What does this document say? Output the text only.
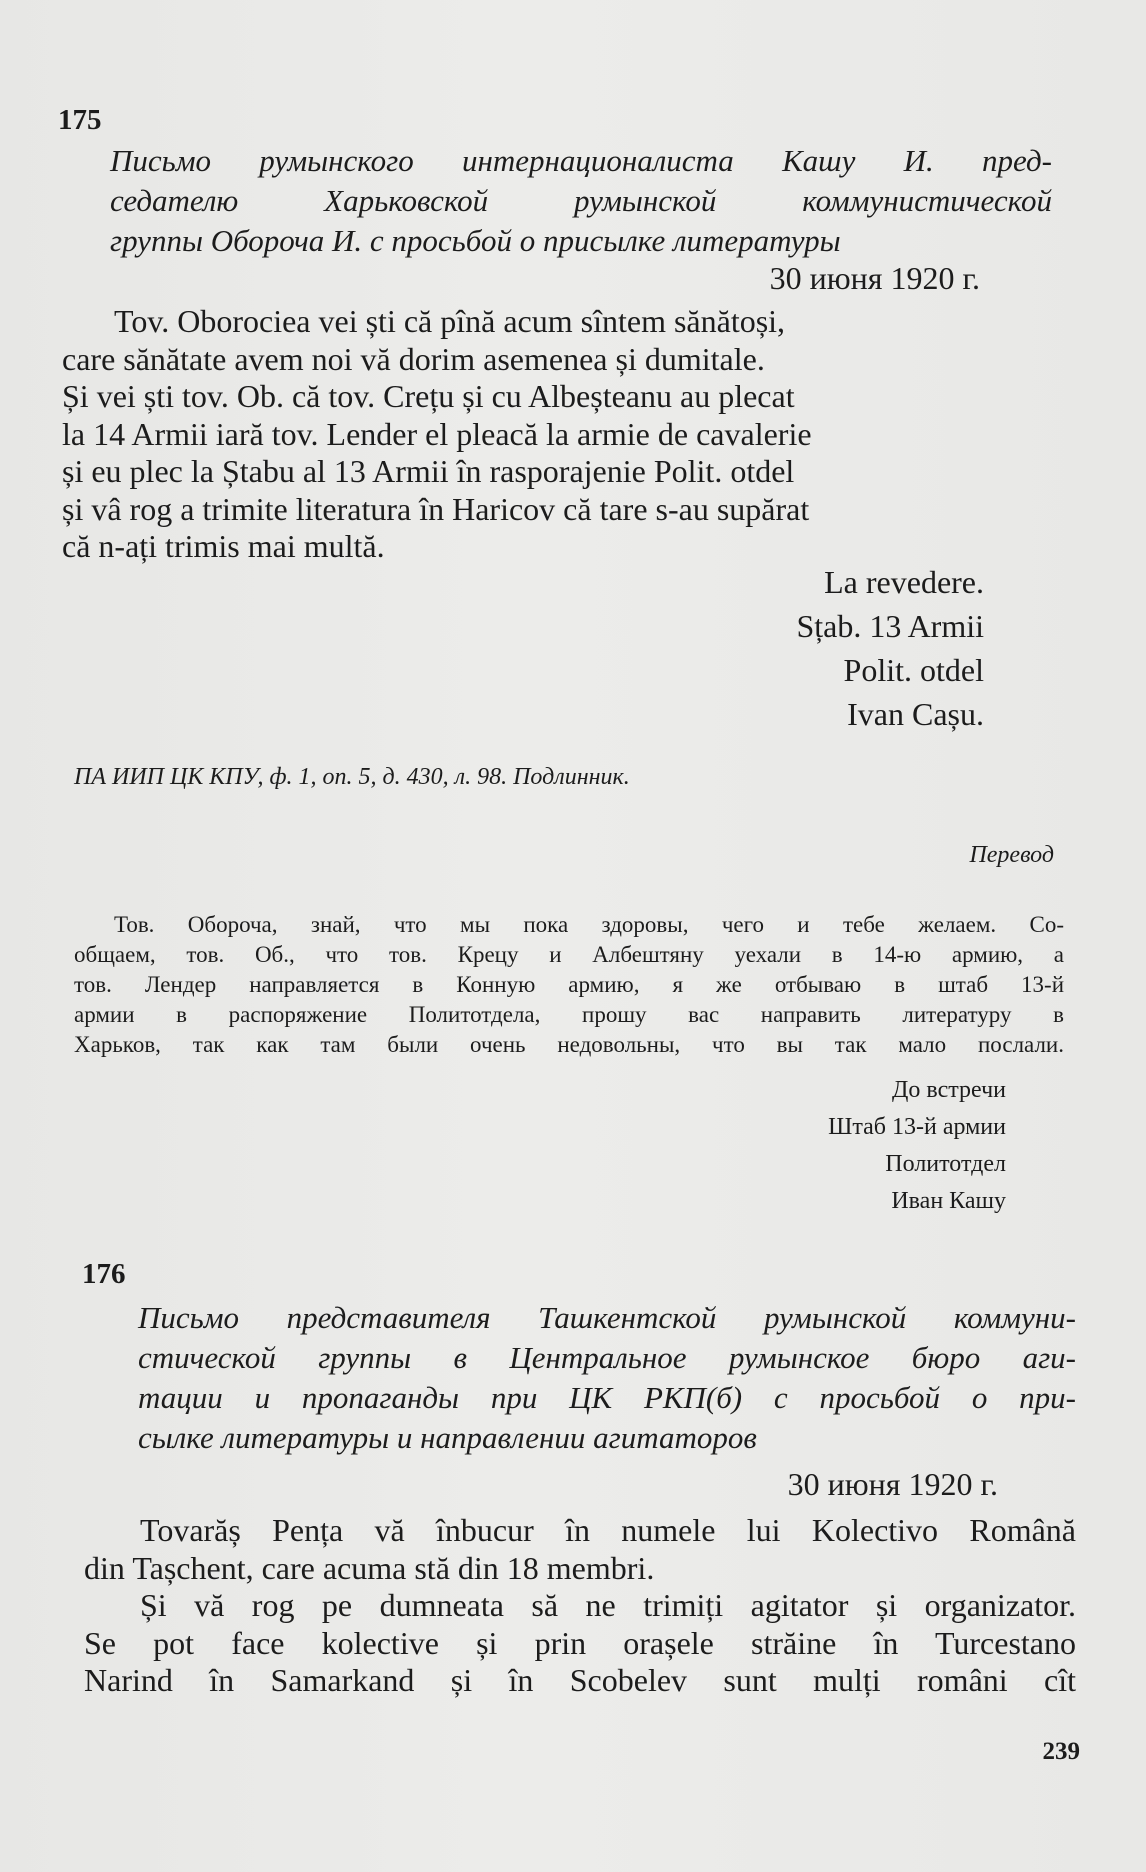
175
Письмо румынского интернационалиста Кашу И. пред-
седателю Харьковской румынской коммунистической
группы Обороча И. с просьбой о присылке литературы
30 июня 1920 г.
Tov. Oborociea vei ști că pînă acum sîntem sănătoși,
care sănătate avem noi vă dorim asemenea și dumitale.
Și vei ști tov. Ob. că tov. Crețu și cu Albeșteanu au plecat
la 14 Armii iară tov. Lender el pleacă la armie de cavalerie
și eu plec la Ștabu al 13 Armii în rasporajenie Polit. otdel
și vâ rog a trimite literatura în Haricov că tare s-au supărat
că n-ați trimis mai multă.
La revedere.
Sțab. 13 Armii
Polit. otdel
Ivan Cașu.
ПА ИИП ЦК КПУ, ф. 1, оп. 5, д. 430, л. 98. Подлинник.
Перевод
Тов. Обороча, знай, что мы пока здоровы, чего и тебе желаем. Со-
общаем, тов. Об., что тов. Крецу и Албештяну уехали в 14-ю армию, а
тов. Лендер направляется в Конную армию, я же отбываю в штаб 13-й
армии в распоряжение Политотдела, прошу вас направить литературу в
Харьков, так как там были очень недовольны, что вы так мало послали.
До встречи
Штаб 13-й армии
Политотдел
Иван Кашу
176
Письмо представителя Ташкентской румынской коммуни-
стической группы в Центральное румынское бюро аги-
тации и пропаганды при ЦК РКП(б) с просьбой о при-
сылке литературы и направлении агитаторов
30 июня 1920 г.
Tovarăș Pența vă înbucur în numele lui Kolectivo Română
din Tașchent, care acuma stă din 18 membri.
Și vă rog pe dumneata să ne trimiți agitator și organizator.
Se pot face kolective și prin orașele străine în Turcestano
Narind în Samarkand și în Scobelev sunt mulți români cît
239
